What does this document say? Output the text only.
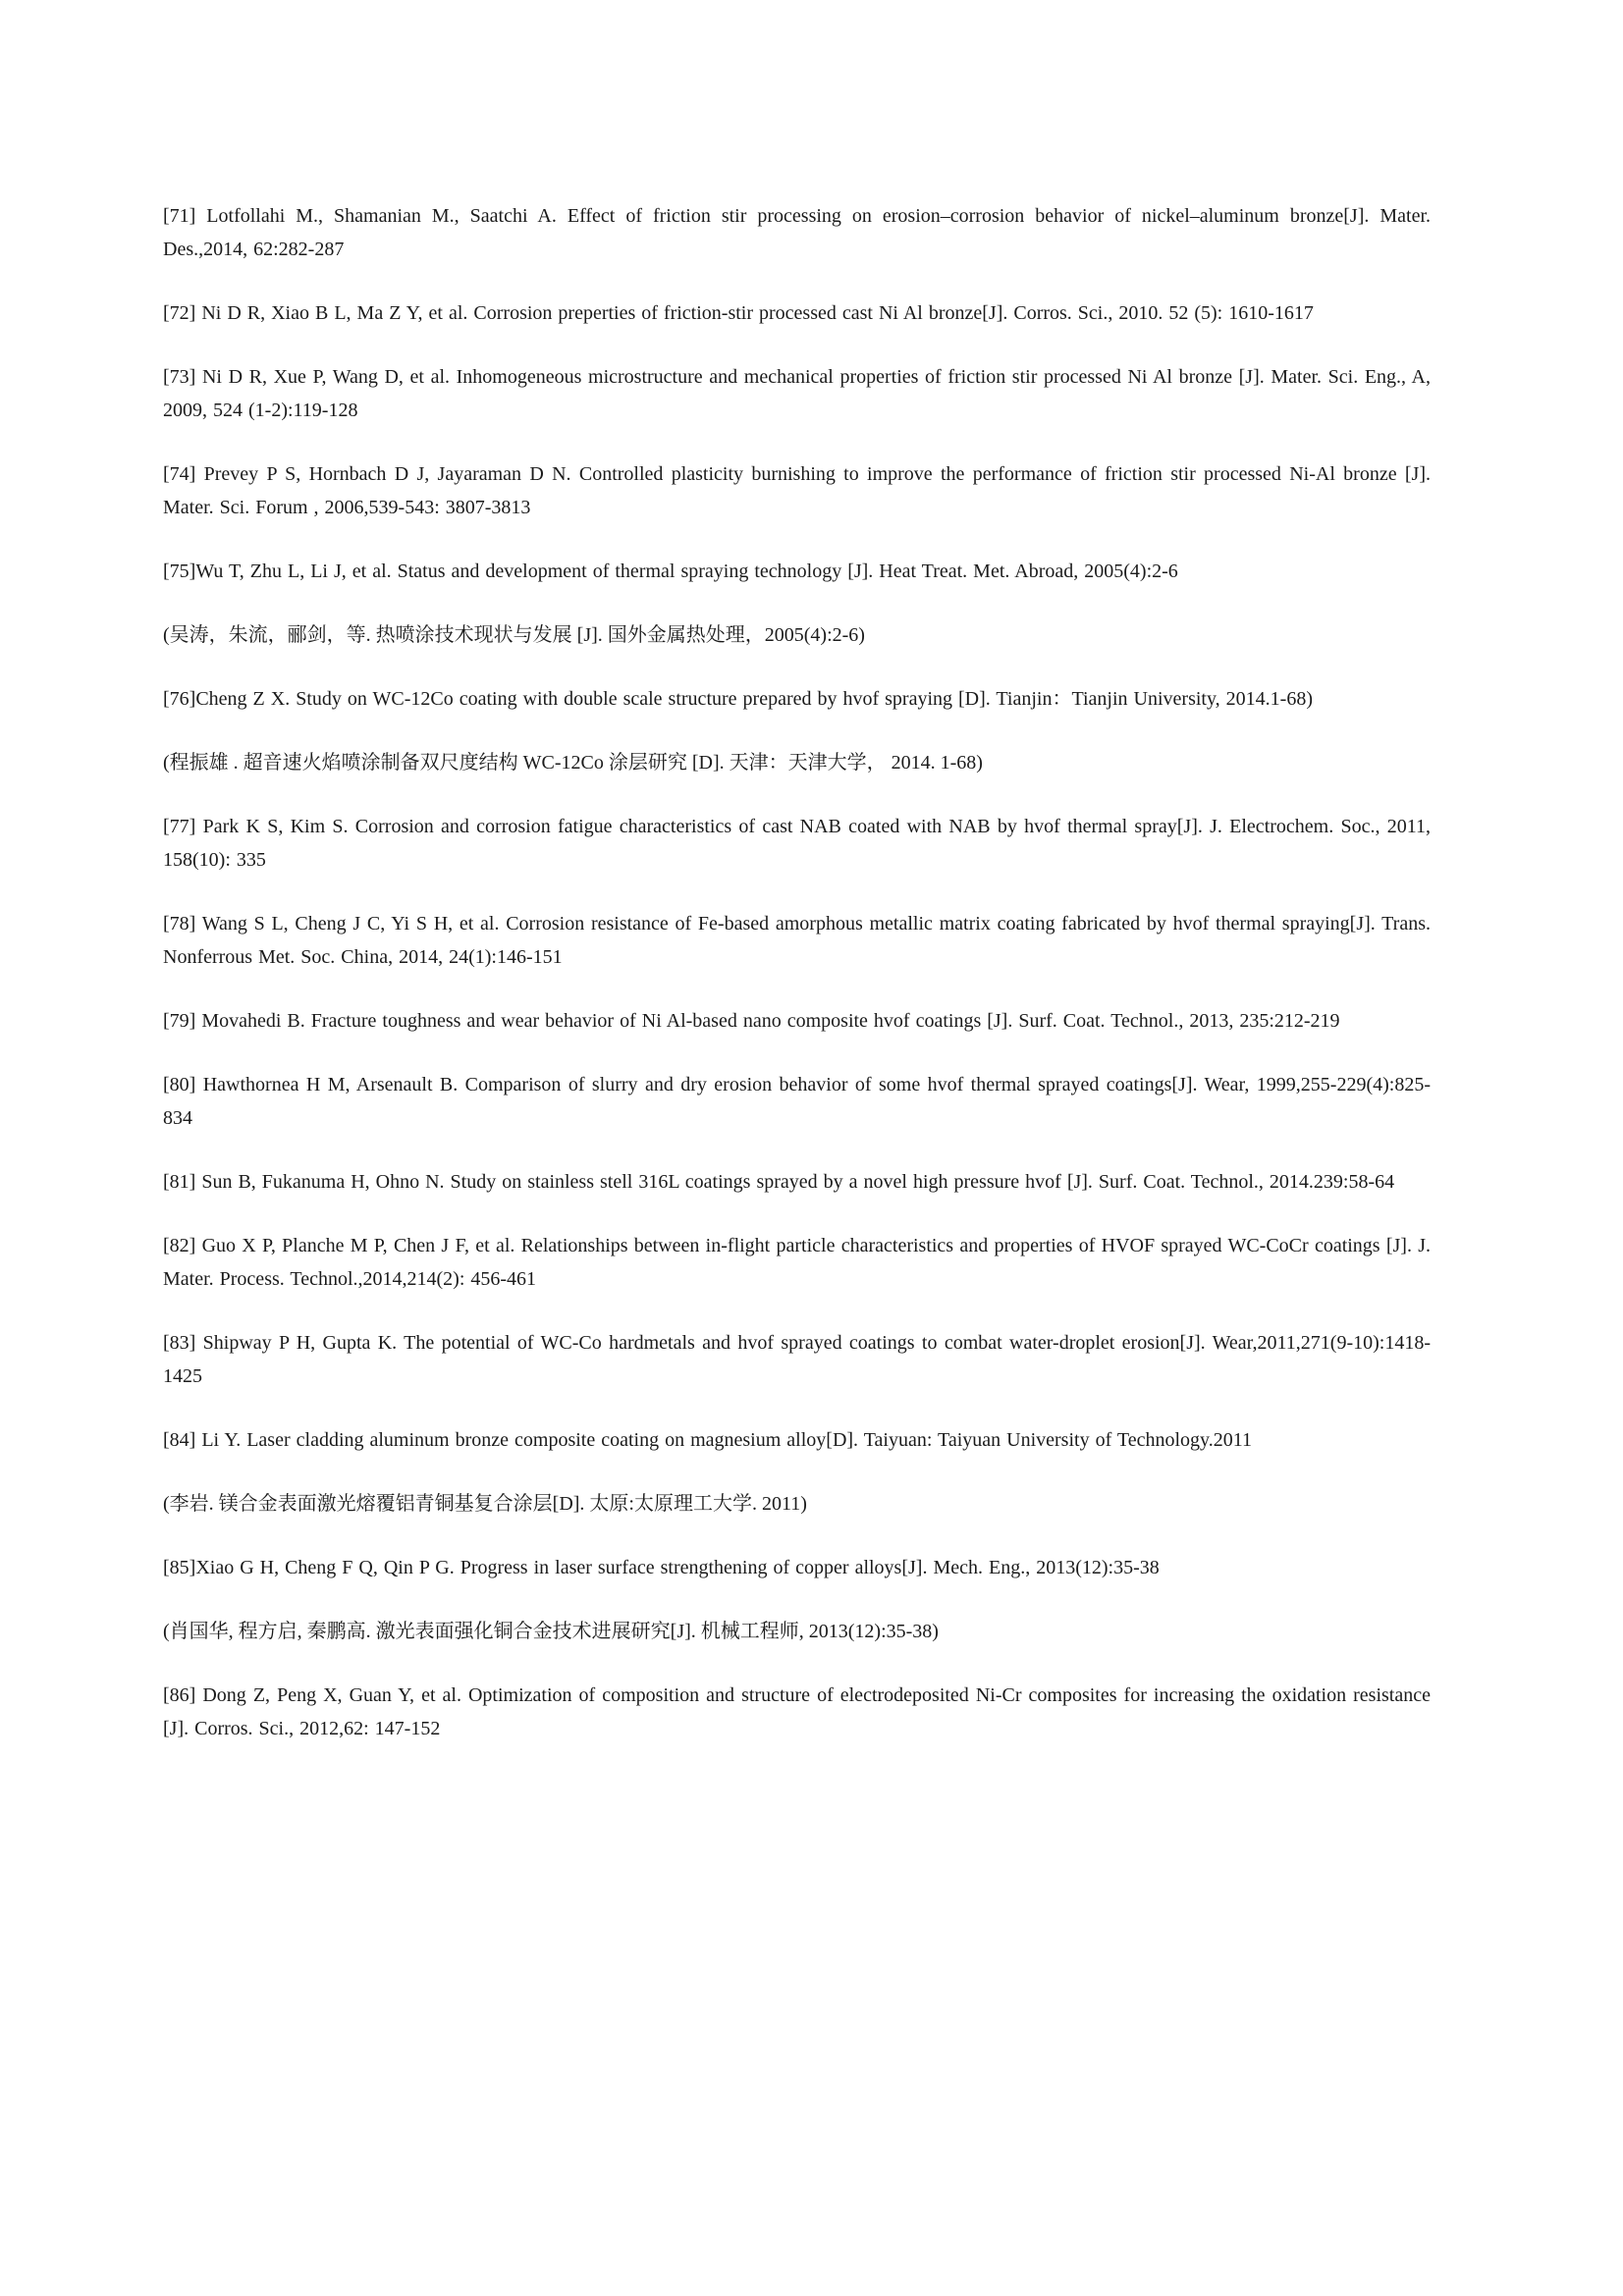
[71] Lotfollahi M., Shamanian M., Saatchi A. Effect of friction stir processing on erosion–corrosion behavior of nickel–aluminum bronze[J]. Mater. Des.,2014, 62:282-287

[72] Ni D R, Xiao B L, Ma Z Y, et al. Corrosion preperties of friction-stir processed cast Ni Al bronze[J]. Corros. Sci., 2010. 52 (5): 1610-1617

[73] Ni D R, Xue P, Wang D, et al. Inhomogeneous microstructure and mechanical properties of friction stir processed Ni Al bronze [J]. Mater. Sci. Eng., A, 2009, 524 (1-2):119-128

[74] Prevey P S, Hornbach D J, Jayaraman D N. Controlled plasticity burnishing to improve the performance of friction stir processed Ni-Al bronze [J]. Mater. Sci. Forum , 2006,539-543: 3807-3813

[75]Wu T, Zhu L, Li J, et al. Status and development of thermal spraying technology [J]. Heat Treat. Met. Abroad, 2005(4):2-6

(吴涛，朱流，郦剑，等. 热喷涂技术现状与发展 [J]. 国外金属热处理，2005(4):2-6)

[76]Cheng Z X. Study on WC-12Co coating with double scale structure prepared by hvof spraying [D]. Tianjin：Tianjin University, 2014.1-68)

(程振雄 . 超音速火焰喷涂制备双尺度结构 WC-12Co 涂层研究 [D]. 天津：天津大学， 2014. 1-68)

[77] Park K S, Kim S. Corrosion and corrosion fatigue characteristics of cast NAB coated with NAB by hvof thermal spray[J]. J. Electrochem. Soc., 2011, 158(10): 335

[78] Wang S L, Cheng J C, Yi S H, et al. Corrosion resistance of Fe-based amorphous metallic matrix coating fabricated by hvof thermal spraying[J]. Trans. Nonferrous Met. Soc. China, 2014, 24(1):146-151

[79] Movahedi B. Fracture toughness and wear behavior of Ni Al-based nano composite hvof coatings [J]. Surf. Coat. Technol., 2013, 235:212-219

[80] Hawthornea H M, Arsenault B. Comparison of slurry and dry erosion behavior of some hvof thermal sprayed coatings[J]. Wear, 1999,255-229(4):825-834

[81] Sun B, Fukanuma H, Ohno N. Study on stainless stell 316L coatings sprayed by a novel high pressure hvof [J]. Surf. Coat. Technol., 2014.239:58-64

[82] Guo X P, Planche M P, Chen J F, et al. Relationships between in-flight particle characteristics and properties of HVOF sprayed WC-CoCr coatings [J]. J. Mater. Process. Technol.,2014,214(2): 456-461

[83] Shipway P H, Gupta K. The potential of WC-Co hardmetals and hvof sprayed coatings to combat water-droplet erosion[J]. Wear,2011,271(9-10):1418-1425

[84] Li Y. Laser cladding aluminum bronze composite coating on magnesium alloy[D]. Taiyuan: Taiyuan University of Technology.2011

(李岩. 镁合金表面激光熔覆铝青铜基复合涂层[D]. 太原:太原理工大学. 2011)

[85]Xiao G H, Cheng F Q, Qin P G. Progress in laser surface strengthening of copper alloys[J]. Mech. Eng., 2013(12):35-38

(肖国华, 程方启, 秦鹏高. 激光表面强化铜合金技术进展研究[J]. 机械工程师, 2013(12):35-38)

[86] Dong Z, Peng X, Guan Y, et al. Optimization of composition and structure of electrodeposited Ni-Cr composites for increasing the oxidation resistance [J]. Corros. Sci., 2012,62: 147-152
